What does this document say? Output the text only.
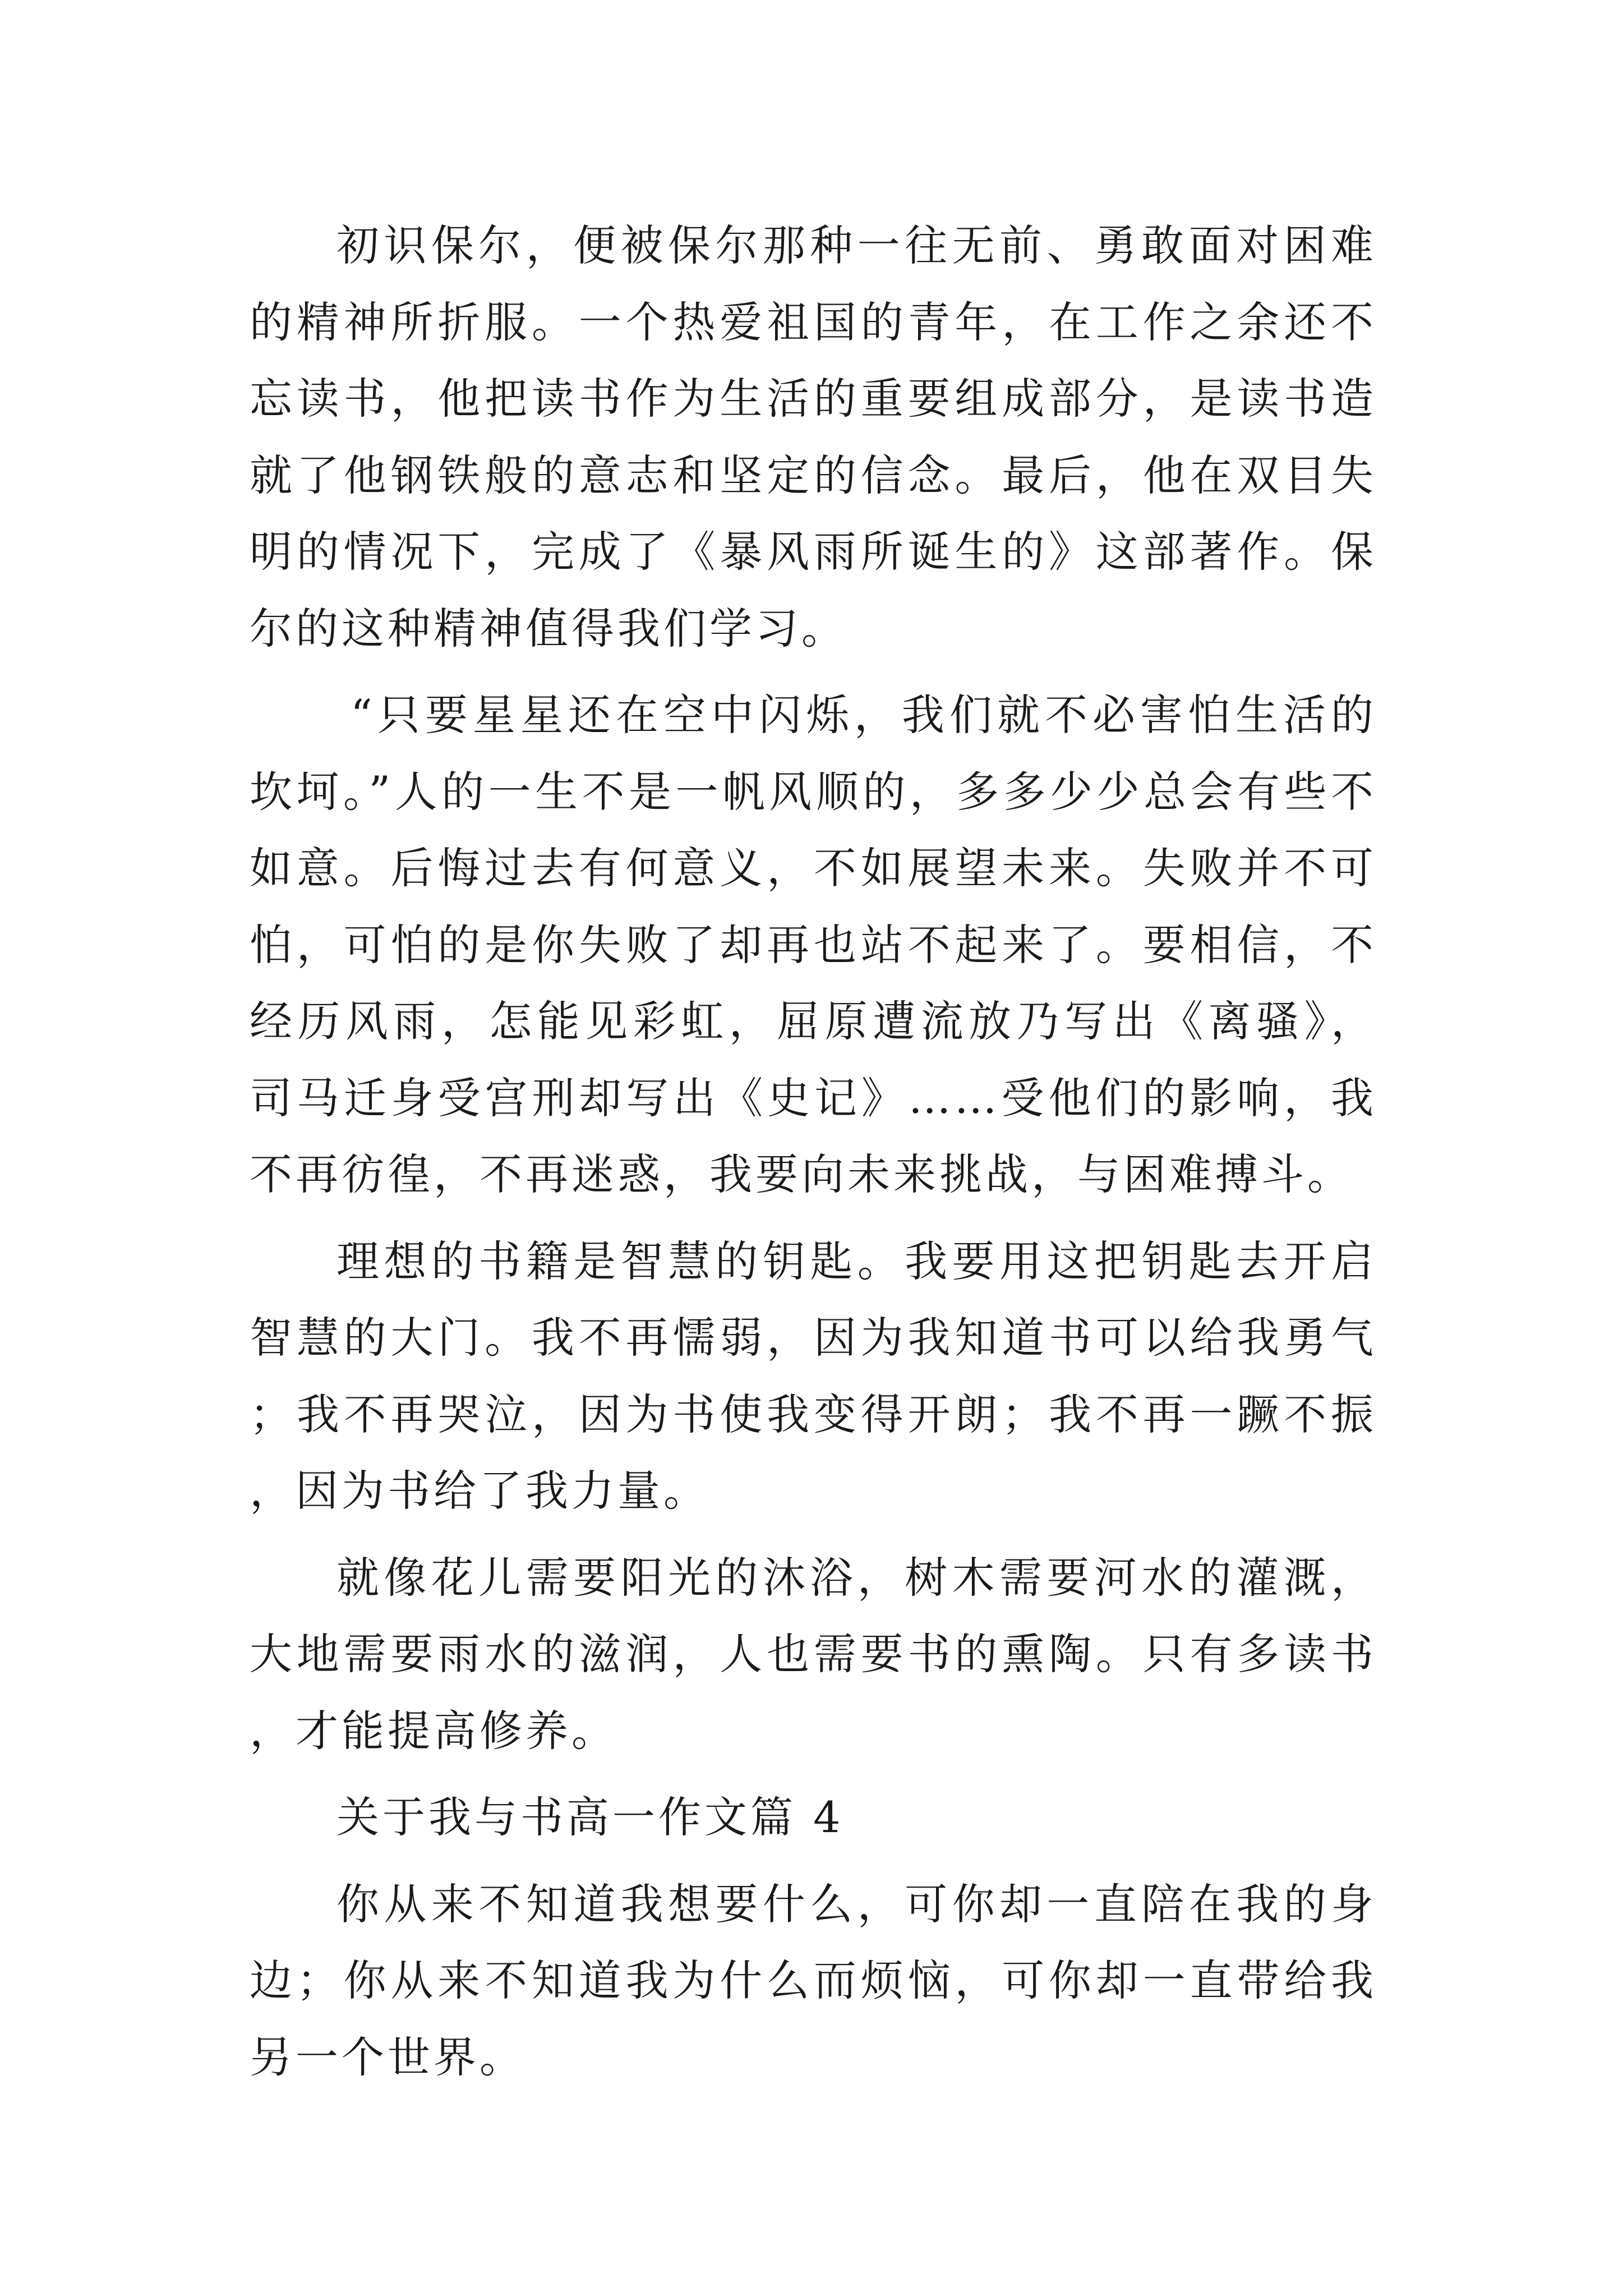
初识保尔，便被保尔那种一往无前、勇敢面对困难的精神所折服。一个热爱祖国的青年，在工作之余还不忘读书，他把读书作为生活的重要组成部分，是读书造就了他钢铁般的意志和坚定的信念。最后，他在双目失明的情况下，完成了《暴风雨所诞生的》这部著作。保尔的这种精神值得我们学习。

“只要星星还在空中闪烁，我们就不必害怕生活的坎坷。”人的一生不是一帆风顺的，多多少少总会有些不如意。后悔过去有何意义，不如展望未来。失败并不可怕，可怕的是你失败了却再也站不起来了。要相信，不经历风雨，怎能见彩虹，屈原遭流放乃写出《离骚》，司马迁身受宫刑却写出《史记》……受他们的影响，我不再彷徨，不再迷惑，我要向未来挑战，与困难搏斗。

理想的书籍是智慧的钥匙。我要用这把钥匙去开启智慧的大门。我不再懦弱，因为我知道书可以给我勇气；我不再哭泣，因为书使我变得开朗；我不再一蹶不振，因为书给了我力量。

就像花儿需要阳光的沐浴，树木需要河水的灌溉，大地需要雨水的滋润，人也需要书的熏陶。只有多读书，才能提高修养。

关于我与书高一作文篇 4

你从来不知道我想要什么，可你却一直陪在我的身边；你从来不知道我为什么而烦恼，可你却一直带给我另一个世界。
